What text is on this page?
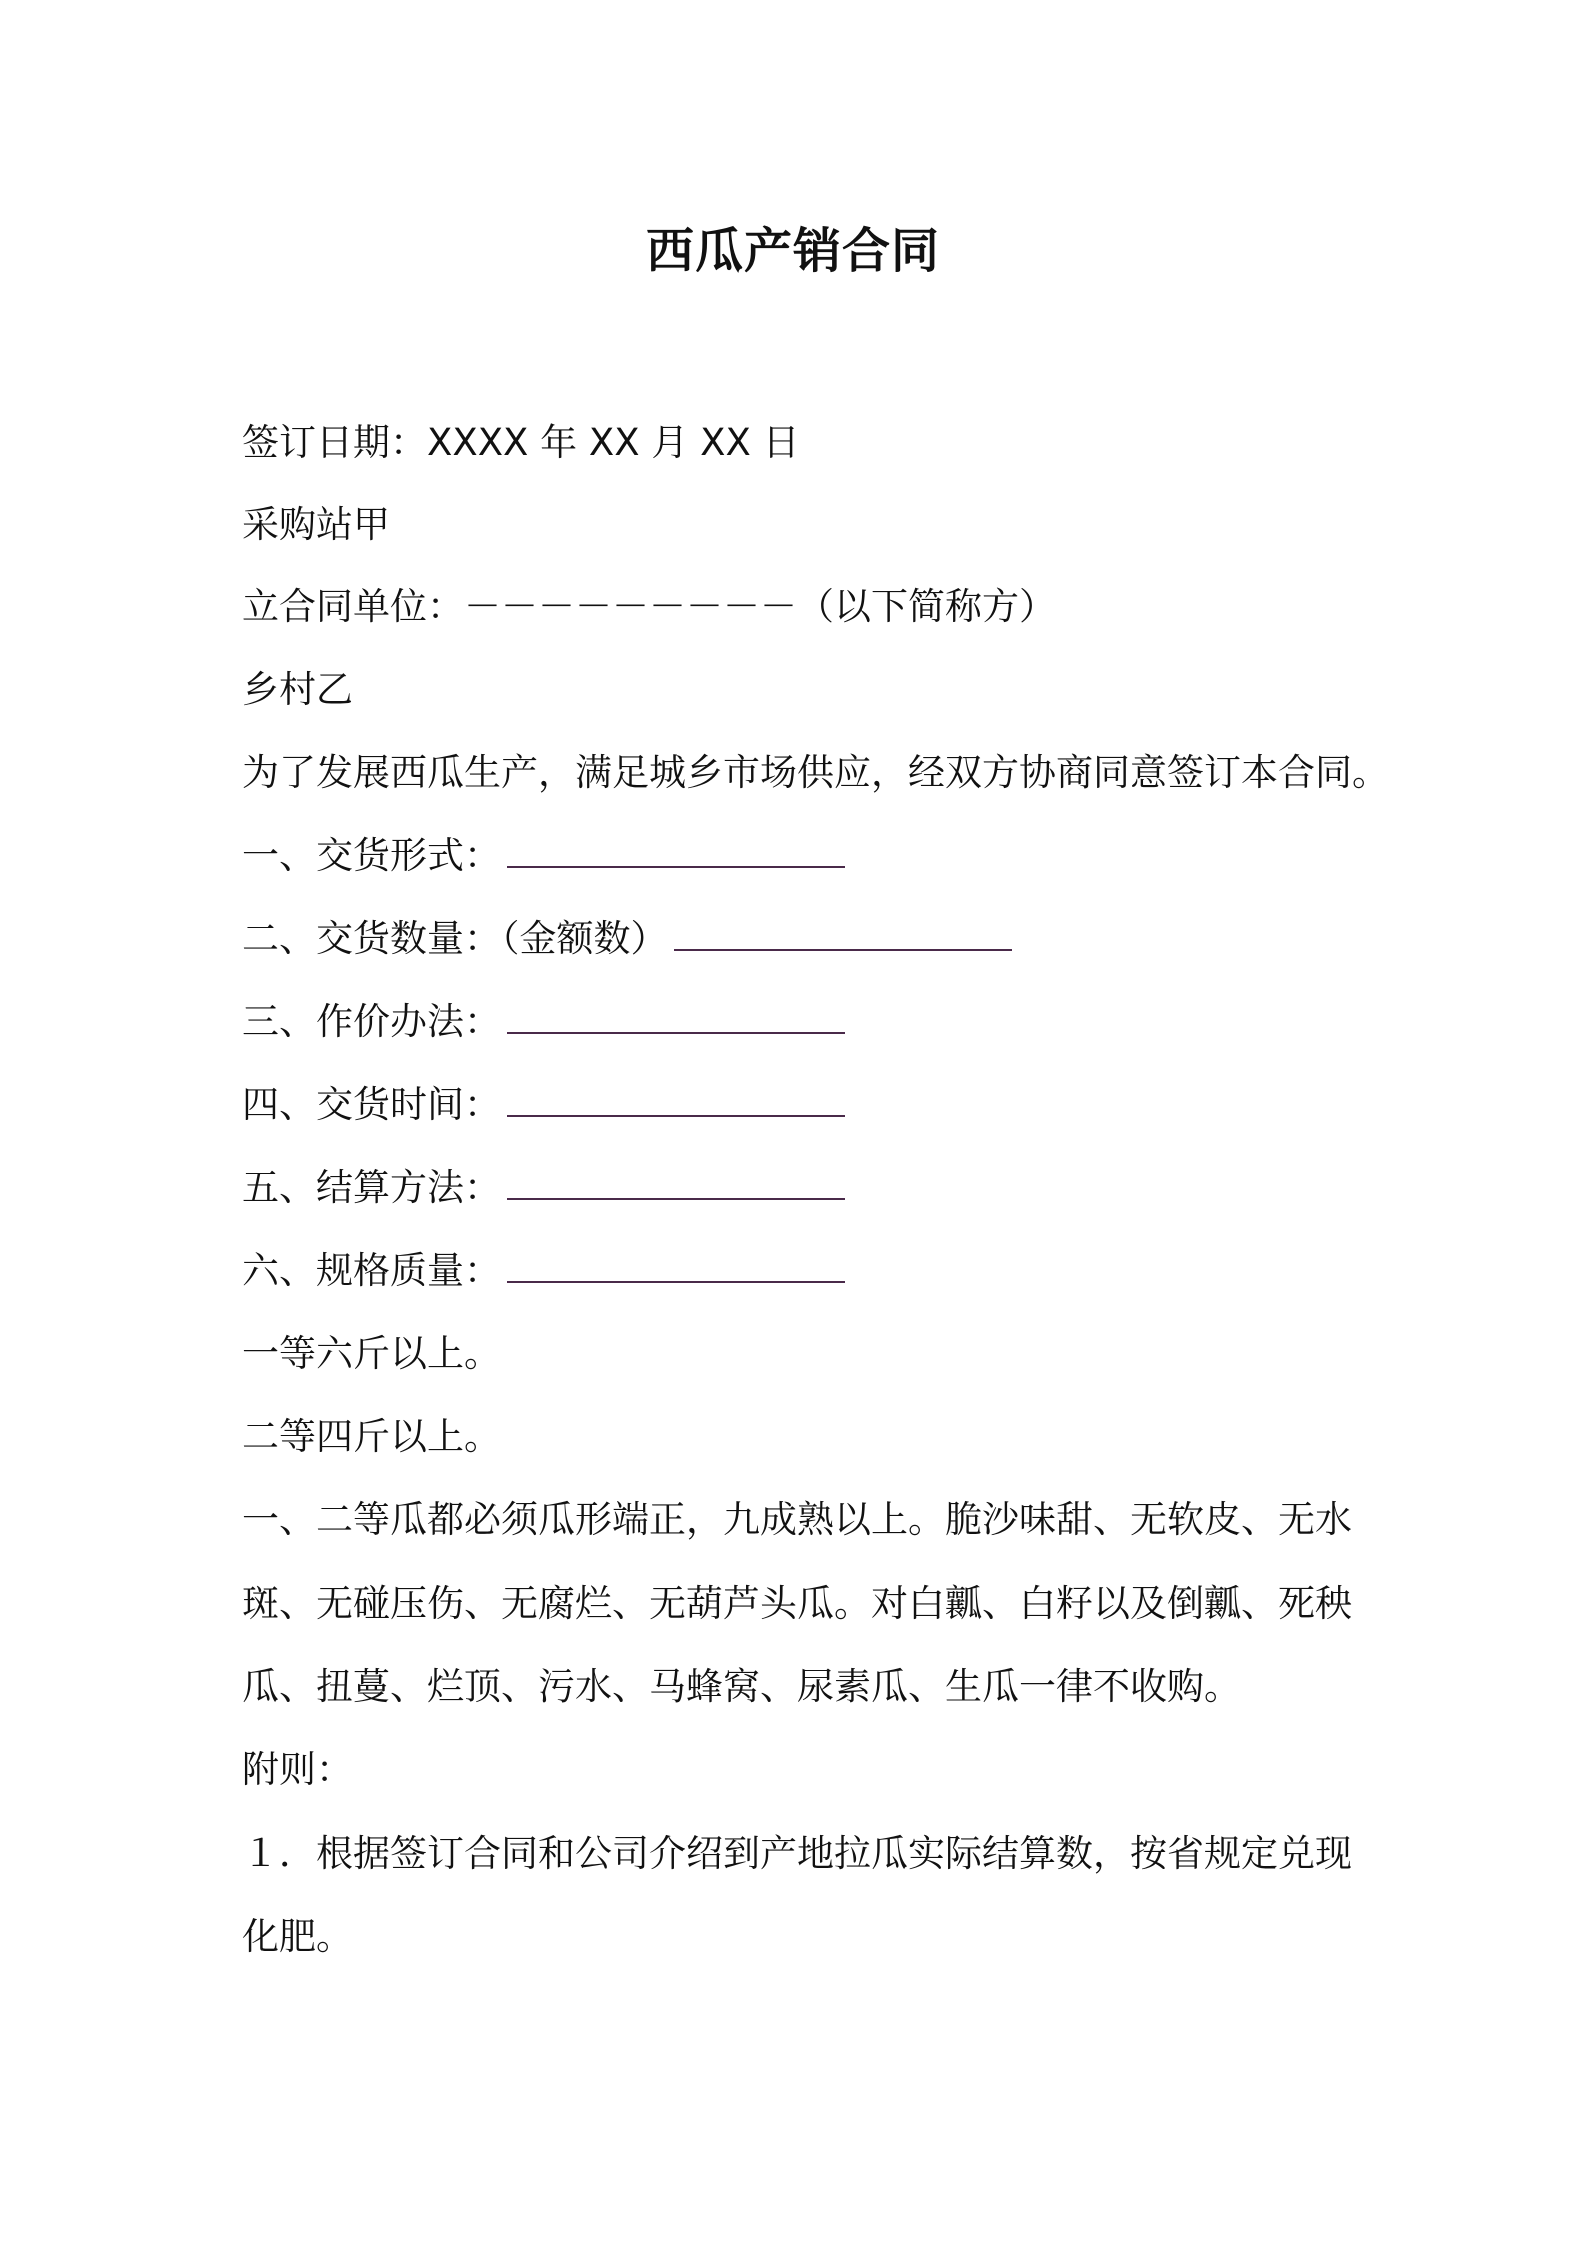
西瓜产销合同
签订日期：XXXX 年 XX 月 XX 日
采购站甲
立合同单位：－－－－－－－－－（以下简称方）
乡村乙
为了发展西瓜生产，满足城乡市场供应，经双方协商同意签订本合同。
一、交货形式：
二、交货数量：（金额数）
三、作价办法：
四、交货时间：
五、结算方法：
六、规格质量：
一等六斤以上。
二等四斤以上。
一、二等瓜都必须瓜形端正，九成熟以上。脆沙味甜、无软皮、无水
斑、无碰压伤、无腐烂、无葫芦头瓜。对白瓤、白籽以及倒瓤、死秧
瓜、扭蔓、烂顶、污水、马蜂窝、尿素瓜、生瓜一律不收购。
附则：
１．根据签订合同和公司介绍到产地拉瓜实际结算数，按省规定兑现
化肥。
